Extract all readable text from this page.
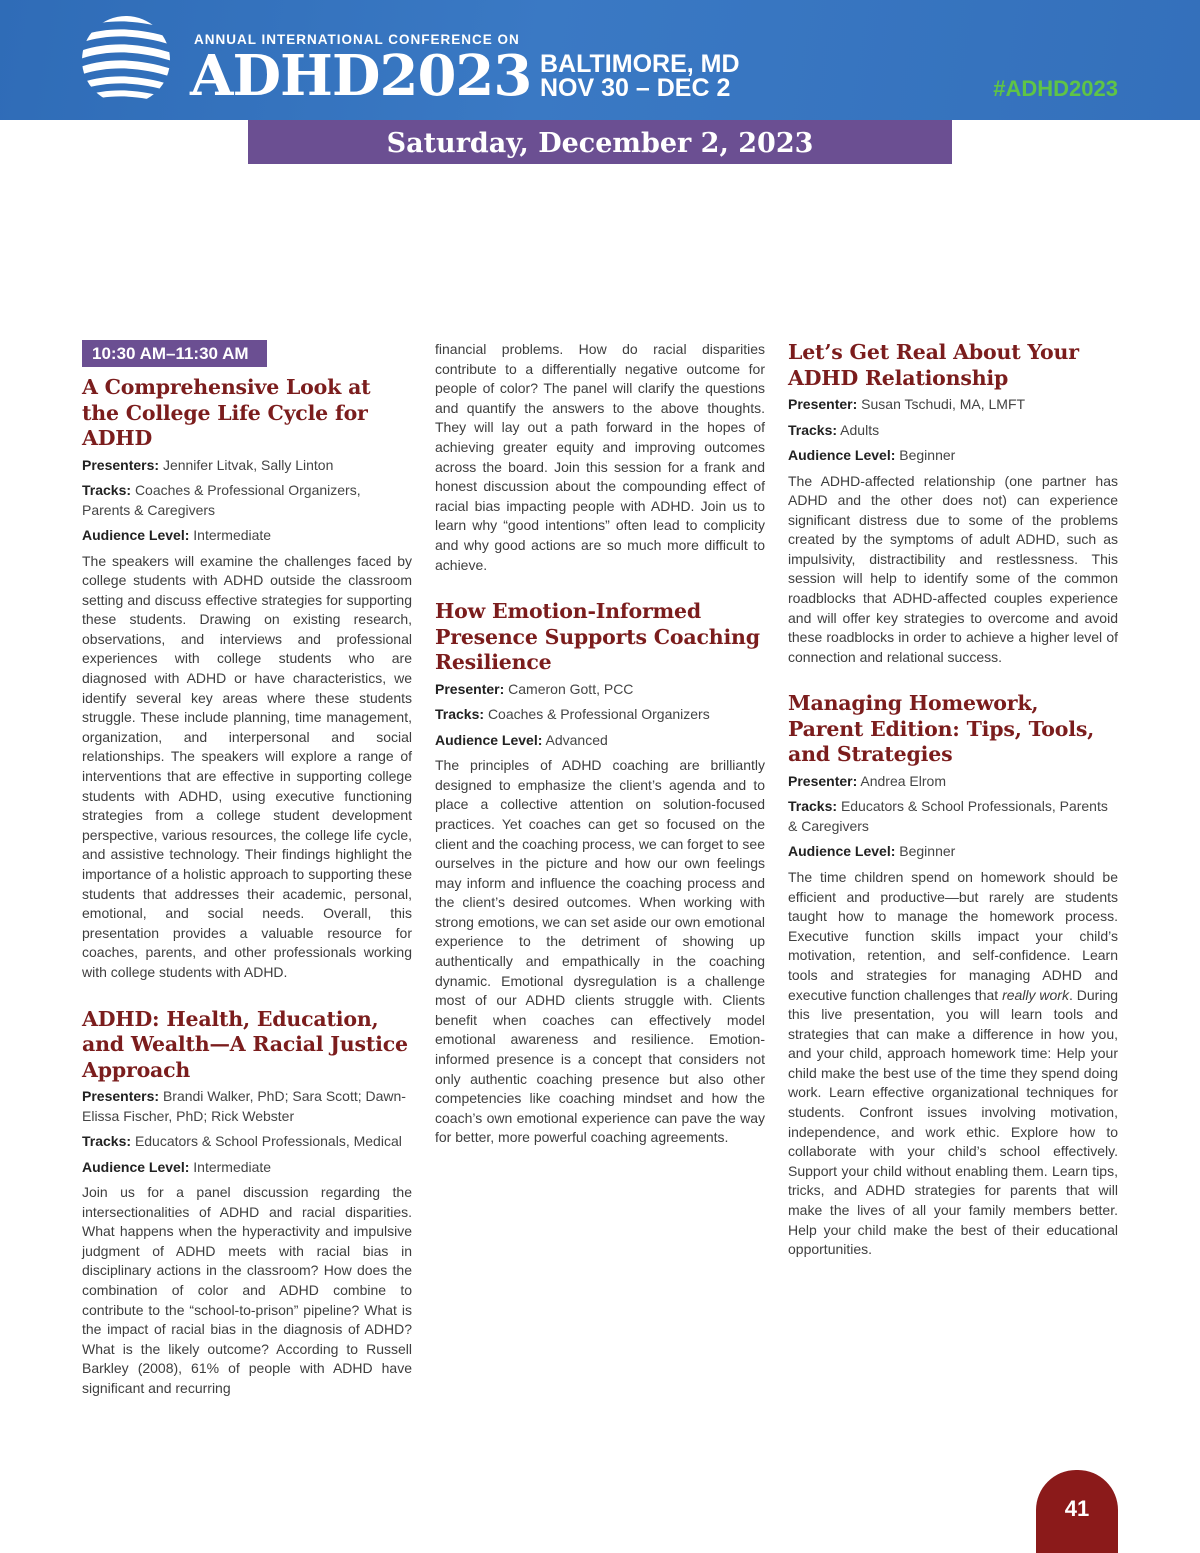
ANNUAL INTERNATIONAL CONFERENCE ON
ADHD2023 BALTIMORE, MD
NOV 30 – DEC 2	#ADHD2023
Saturday, December 2, 2023
10:30 AM–11:30 AM
A Comprehensive Look at the College Life Cycle for ADHD

Presenters: Jennifer Litvak, Sally Linton

Tracks: Coaches & Professional Organizers, Parents & Caregivers

Audience Level: Intermediate

The speakers will examine the challenges faced by college students with ADHD outside the classroom setting and discuss effective strategies for supporting these students. Drawing on existing research, observations, and interviews and professional experiences with college students who are diagnosed with ADHD or have characteristics, we identify several key areas where these students struggle. These include planning, time management, organization, and interpersonal and social relationships. The speakers will explore a range of interventions that are effective in supporting college students with ADHD, using executive functioning strategies from a college student development perspective, various resources, the college life cycle, and assistive technology. Their findings highlight the importance of a holistic approach to supporting these students that addresses their academic, personal, emotional, and social needs. Overall, this presentation provides a valuable resource for coaches, parents, and other professionals working with college students with ADHD.

ADHD: Health, Education, and Wealth—A Racial Justice Approach

Presenters: Brandi Walker, PhD; Sara Scott; Dawn-Elissa Fischer, PhD; Rick Webster

Tracks: Educators & School Professionals, Medical

Audience Level: Intermediate

Join us for a panel discussion regarding the intersectionalities of ADHD and racial disparities. What happens when the hyperactivity and impulsive judgment of ADHD meets with racial bias in disciplinary actions in the classroom? How does the combination of color and ADHD combine to contribute to the “school-to-prison” pipeline? What is the impact of racial bias in the diagnosis of ADHD? What is the likely outcome? According to Russell Barkley (2008), 61% of people with ADHD have significant and recurring

financial problems. How do racial disparities contribute to a differentially negative outcome for people of color? The panel will clarify the questions and quantify the answers to the above thoughts. They will lay out a path forward in the hopes of achieving greater equity and improving outcomes across the board. Join this session for a frank and honest discussion about the compounding effect of racial bias impacting people with ADHD. Join us to learn why “good intentions” often lead to complicity and why good actions are so much more difficult to achieve.

How Emotion-Informed Presence Supports Coaching Resilience

Presenter: Cameron Gott, PCC

Tracks: Coaches & Professional Organizers

Audience Level: Advanced

The principles of ADHD coaching are brilliantly designed to emphasize the client’s agenda and to place a collective attention on solution-focused practices. Yet coaches can get so focused on the client and the coaching process, we can forget to see ourselves in the picture and how our own feelings may inform and influence the coaching process and the client’s desired outcomes. When working with strong emotions, we can set aside our own emotional experience to the detriment of showing up authentically and empathically in the coaching dynamic. Emotional dysregulation is a challenge most of our ADHD clients struggle with. Clients benefit when coaches can effectively model emotional awareness and resilience. Emotion-informed presence is a concept that considers not only authentic coaching presence but also other competencies like coaching mindset and how the coach’s own emotional experience can pave the way for better, more powerful coaching agreements.

Let’s Get Real About Your ADHD Relationship

Presenter: Susan Tschudi, MA, LMFT

Tracks: Adults

Audience Level: Beginner

The ADHD-affected relationship (one partner has ADHD and the other does not) can experience significant distress due to some of the problems created by the symptoms of adult ADHD, such as impulsivity, distractibility and restlessness. This session will help to identify some of the common roadblocks that ADHD-affected couples experience and will offer key strategies to overcome and avoid these roadblocks in order to achieve a higher level of connection and relational success.

Managing Homework, Parent Edition: Tips, Tools, and Strategies

Presenter: Andrea Elrom

Tracks: Educators & School Professionals, Parents & Caregivers

Audience Level: Beginner

The time children spend on homework should be efficient and productive—but rarely are students taught how to manage the homework process. Executive function skills impact your child’s motivation, retention, and self-confidence. Learn tools and strategies for managing ADHD and executive function challenges that really work. During this live presentation, you will learn tools and strategies that can make a difference in how you, and your child, approach homework time: Help your child make the best use of the time they spend doing work. Learn effective organizational techniques for students. Confront issues involving motivation, independence, and work ethic. Explore how to collaborate with your child’s school effectively. Support your child without enabling them. Learn tips, tricks, and ADHD strategies for parents that will make the lives of all your family members better. Help your child make the best of their educational opportunities.

41
